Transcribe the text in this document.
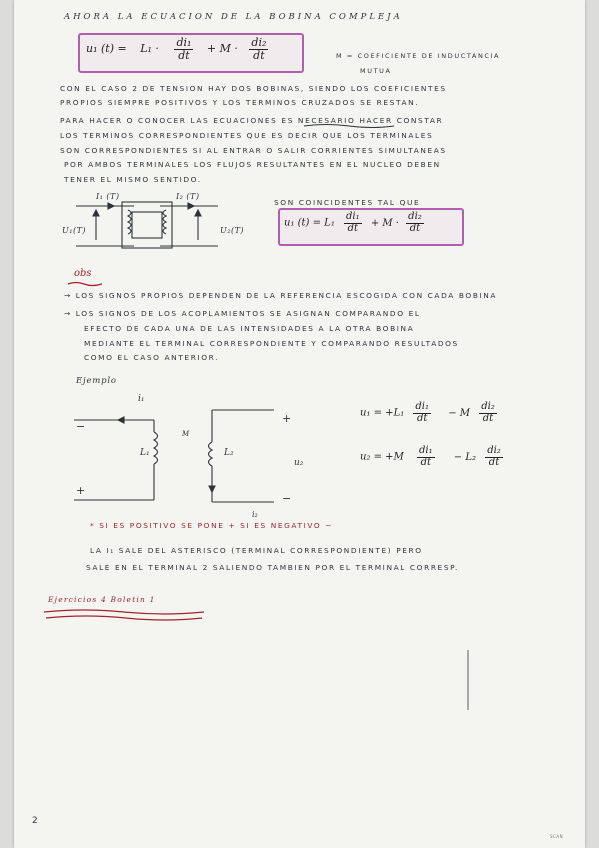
AHORA LA ECUACION DE LA BOBINA COMPLEJA
u₁ $(t) = L_1 \cdot \frac{\text{di₁}}{dt} + M \cdot \frac{\text{di₂}}{dt}$	M = COEFICIENTE DE INDUCTANCIA
MUTUA
CON EL CASO 2 DE TENSION HAY DOS BOBINAS, SIENDO LOS COEFICIENTES
PROPIOS SIEMPRE POSITIVOS Y LOS TERMINOS CRUZADOS SE RESTAN.
PARA HACER O CONOCER LAS ECUACIONES ES NECESARIO HACER CONSTAR
LOS TERMINOS CORRESPONDIENTES QUE ES DECIR QUE LOS TERMINALES
SON CORRESPONDIENTES SI AL ENTRAR O SALIR CORRIENTES SIMULTANEAS
POR AMBOS TERMINALES LOS FLUJOS RESULTANTES EN EL NUCLEO DEBEN
TENER EL MISMO SENTIDO.
I₁ (T)	I₂ (T)
U₁(T)	U₂(T)
SON COINCIDENTES TAL QUE
u₁ $(t) = L_1 \frac{\text{di₁}}{dt} + M \cdot \frac{\text{di₂}}{dt}$
obs
→ LOS SIGNOS PROPIOS DEPENDEN DE LA REFERENCIA ESCOGIDA CON CADA BOBINA
→ LOS SIGNOS DE LOS ACOPLAMIENTOS SE ASIGNAN COMPARANDO EL
EFECTO DE CADA UNA DE LAS INTENSIDADES A LA OTRA BOBINA
MEDIANTE EL TERMINAL CORRESPONDIENTE Y COMPARANDO RESULTADOS
COMO EL CASO ANTERIOR.
Ejemplo
i₁
L₁	L₂
M
u₂
i₂
−
+
+
−
$u_1 = +L_1 \frac{\text{di₁}}{dt} - M \frac{\text{di₂}}{dt}$
$u_2 = +M \frac{\text{di₁}}{dt} - L_2 \frac{\text{di₂}}{dt}$
* SI ES POSITIVO SE PONE + SI ES NEGATIVO −
LA I₁ SALE DEL ASTERISCO (TERMINAL CORRESPONDIENTE) PERO
SALE EN EL TERMINAL 2 SALIENDO TAMBIEN POR EL TERMINAL CORRESP.
Ejercicios 4 Boletin 1
2
SCAN
